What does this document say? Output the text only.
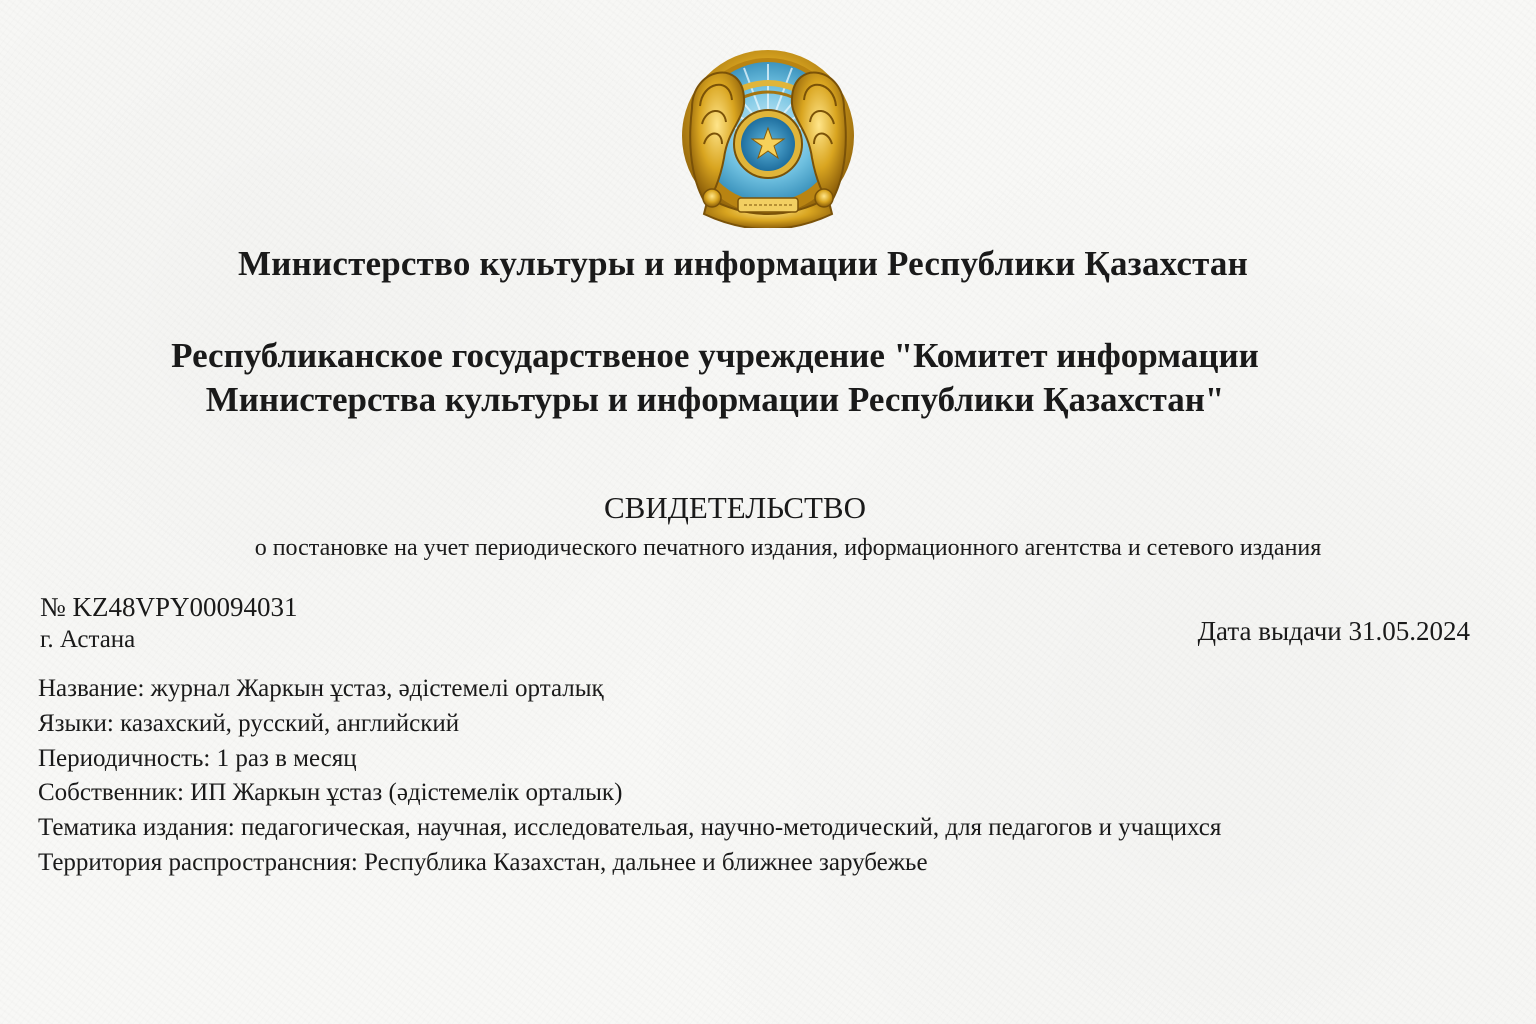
Министерство культуры и информации Республики Қазахстан
Республиканское государственое учреждение "Комитет информации Министерства культуры и информации Республики Қазахстан"
СВИДЕТЕЛЬСТВО
о постановке на учет периодического печатного издания, иформационного агентства и сетевого издания
№ KZ48VPY00094031
г. Астана	Дата выдачи 31.05.2024
Название: журнал Жаркын ұстаз, әдістемелі орталық
Языки: казахский, русский, английский
Периодичность: 1 раз в месяц
Собственник: ИП Жаркын ұстаз (әдістемелік орталык)
Тематика издания: педагогическая, научная, исследовательая, научно-методический, для педагогов и учащихся
Территория распространсния: Республика Казахстан, дальнее и ближнее зарубежье
